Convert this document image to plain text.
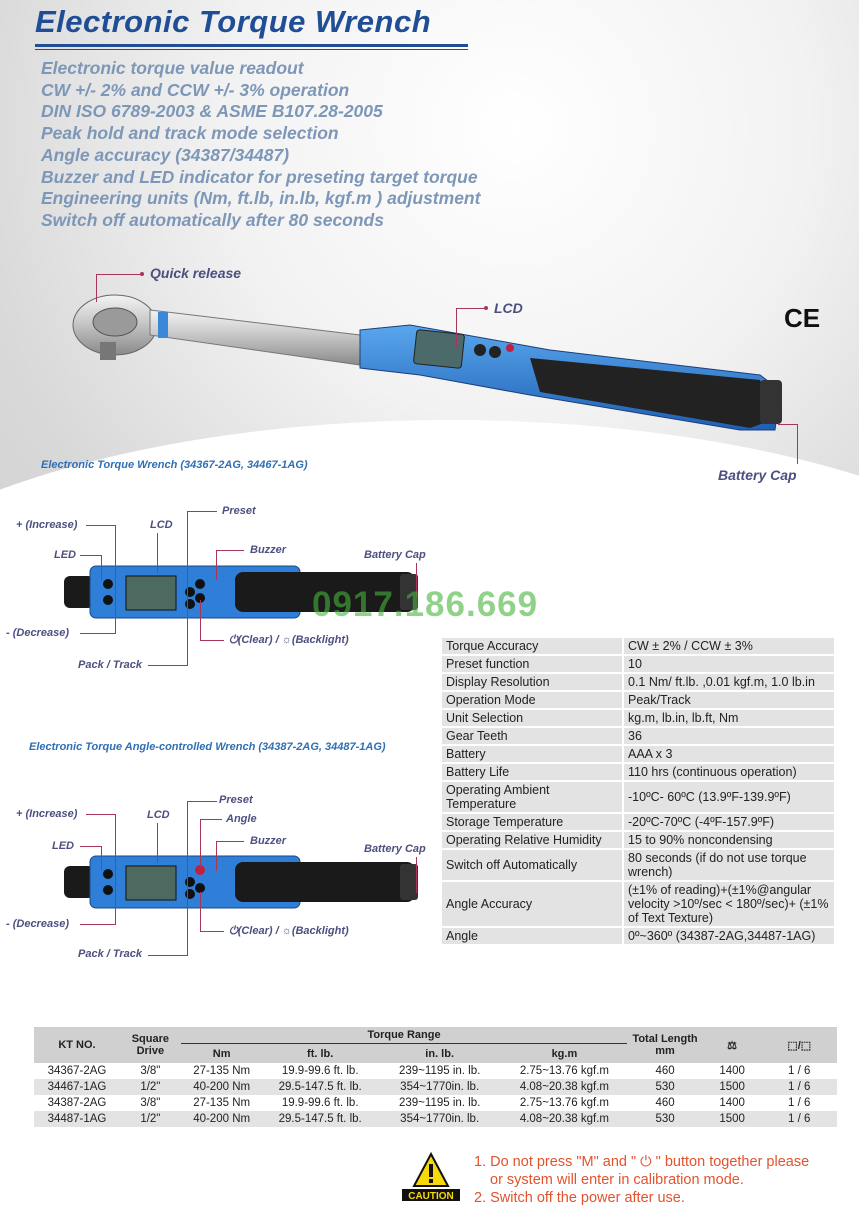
Electronic Torque Wrench
Electronic torque value readout
CW +/- 2% and CCW +/- 3% operation
DIN ISO 6789-2003 & ASME B107.28-2005
Peak hold and track mode selection
Angle accuracy (34387/34487)
Buzzer and LED indicator for preseting target torque
Engineering units (Nm, ft.lb, in.lb, kgf.m ) adjustment
Switch off automatically after 80 seconds
CE
Quick release
LCD
Battery Cap
Electronic Torque Wrench (34367-2AG, 34467-1AG)
+ (Increase)
LED
LCD
Preset
Buzzer	Battery Cap
- (Decrease)
Pack / Track
⏻(Clear) / ☼(Backlight)
0917.186.669
Electronic Torque Angle-controlled Wrench (34387-2AG, 34487-1AG)
+ (Increase)
LED
LCD
Preset
Angle
Buzzer
Battery Cap
- (Decrease)
Pack / Track
⏻(Clear) / ☼(Backlight)
Torque Accuracy	CW ± 2% / CCW ± 3%
Preset function	10
Display Resolution	0.1 Nm/ ft.lb. ,0.01 kgf.m, 1.0 lb.in
Operation Mode	Peak/Track
Unit Selection	kg.m, lb.in, lb.ft, Nm
Gear Teeth	36
Battery	AAA x 3
Battery Life	110 hrs (continuous operation)
Operating Ambient Temperature	-10ºC- 60ºC (13.9ºF-139.9ºF)
Storage Temperature	-20ºC-70ºC (-4ºF-157.9ºF)
Operating Relative Humidity	15 to 90% noncondensing
Switch off Automatically	80 seconds (if do not use torque wrench)
Angle Accuracy	(±1% of reading)+(±1%@angular velocity >10º/sec < 180º/sec)+ (±1% of Text Texture)
Angle	0º~360º (34387-2AG,34487-1AG)
KT NO.	Square Drive	Torque Range				Total Length mm	⚖	⬚/⬚
		Nm	ft. lb.	in. lb.	kg.m			
34367-2AG	3/8"	27-135 Nm	19.9-99.6 ft. lb.	239~1195 in. lb.	2.75~13.76 kgf.m	460	1400	1 / 6
34467-1AG	1/2"	40-200 Nm	29.5-147.5 ft. lb.	354~1770in. lb.	4.08~20.38 kgf.m	530	1500	1 / 6
34387-2AG	3/8"	27-135 Nm	19.9-99.6 ft. lb.	239~1195 in. lb.	2.75~13.76 kgf.m	460	1400	1 / 6
34487-1AG	1/2"	40-200 Nm	29.5-147.5 ft. lb.	354~1770in. lb.	4.08~20.38 kgf.m	530	1500	1 / 6
CAUTION
1. Do not press "M" and " ⏻ " button together please
or system will enter in calibration mode.
2. Switch off the power after use.
